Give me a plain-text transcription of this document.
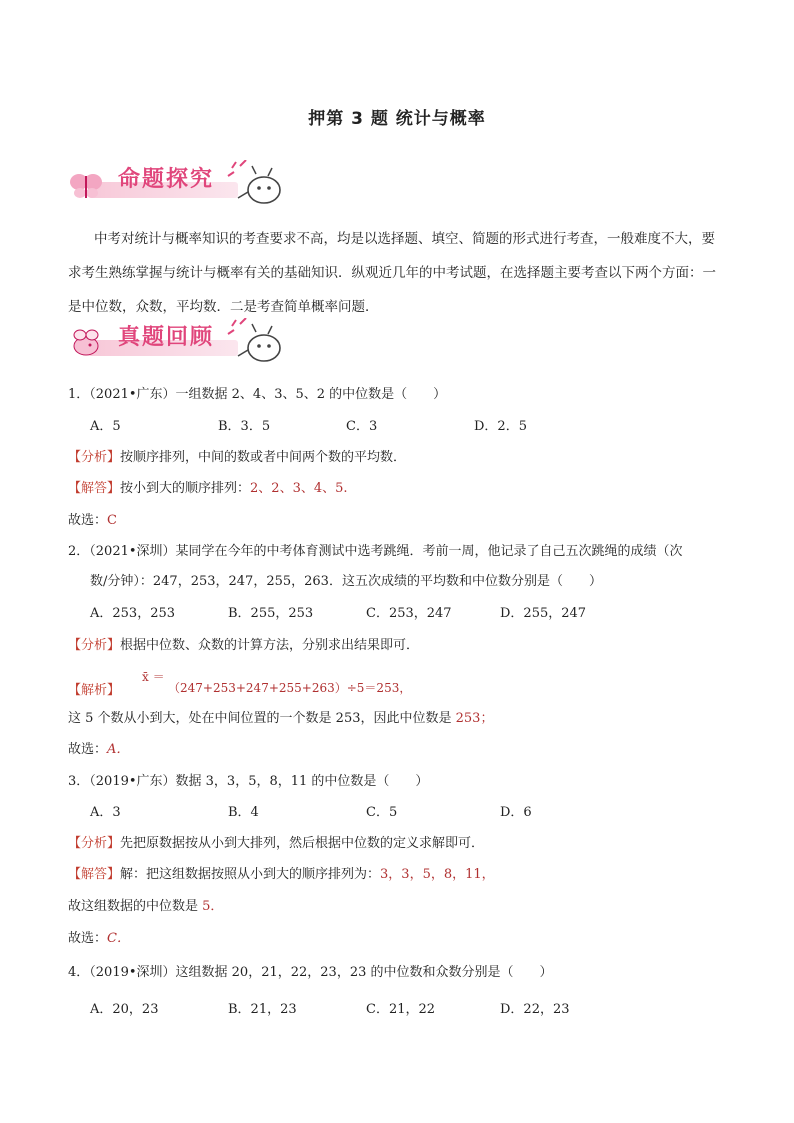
押第 3 题 统计与概率
命题探究
中考对统计与概率知识的考查要求不高，均是以选择题、填空、简题的形式进行考查，一般难度不大，要求考生熟练掌握与统计与概率有关的基础知识．纵观近几年的中考试题，在选择题主要考查以下两个方面：一是中位数，众数，平均数．二是考查简单概率问题．
真题回顾
1．（2021•广东）一组数据 2、4、3、5、2 的中位数是（　　）
A．5	B．3．5	C．3	D．2．5
【分析】按顺序排列，中间的数或者中间两个数的平均数．
【解答】按小到大的顺序排列：2、2、3、4、5.
故选：C
2．（2021•深圳）某同学在今年的中考体育测试中选考跳绳．考前一周，他记录了自己五次跳绳的成绩（次
数/分钟）：247，253，247，255，263．这五次成绩的平均数和中位数分别是（　　）
A．253，253	B．255，253	C．253，247	D．255，247
【分析】根据中位数、众数的计算方法，分别求出结果即可．
【解析】
x̄ ＝
（247+253+247+255+263）÷5＝253，
这 5 个数从小到大，处在中间位置的一个数是 253，因此中位数是 253；
故选：A．
3．（2019•广东）数据 3，3，5，8，11 的中位数是（　　）
A．3	B．4	C．5	D．6
【分析】先把原数据按从小到大排列，然后根据中位数的定义求解即可．
【解答】解：把这组数据按照从小到大的顺序排列为：3，3，5，8，11，
故这组数据的中位数是 5．
故选：C．
4．（2019•深圳）这组数据 20，21，22，23，23 的中位数和众数分别是（　　）
A．20，23	B．21，23	C．21，22	D．22，23
